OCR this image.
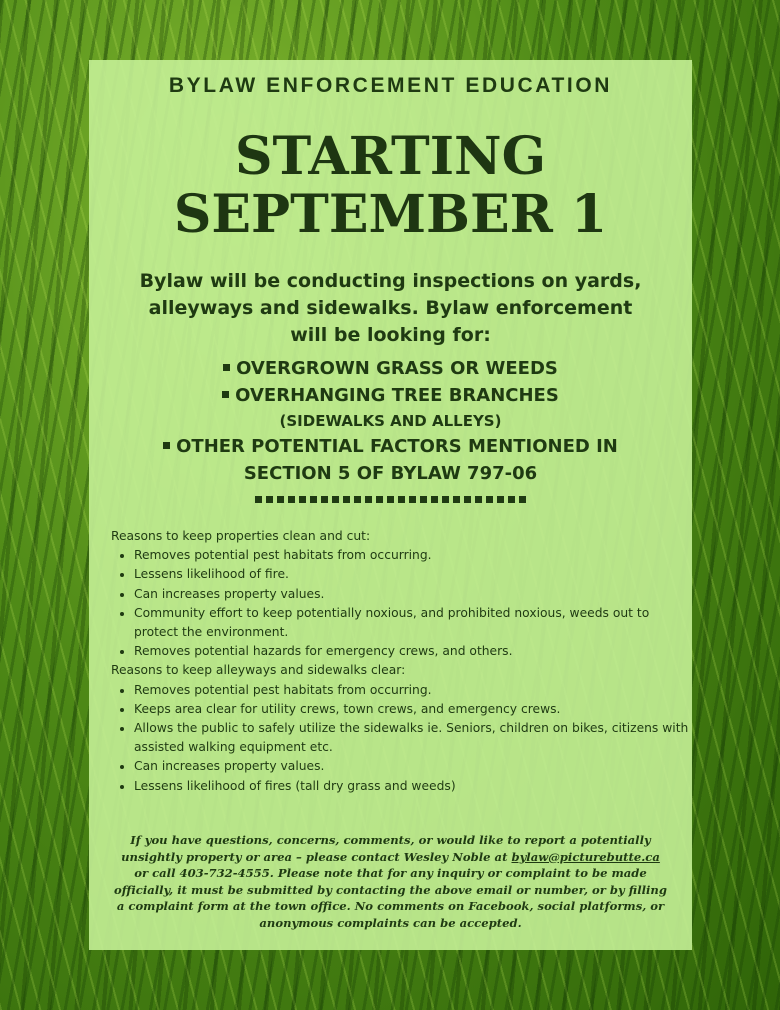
BYLAW ENFORCEMENT EDUCATION
STARTING
SEPTEMBER 1
Bylaw will be conducting inspections on yards, alleyways and sidewalks. Bylaw enforcement will be looking for:
OVERGROWN GRASS OR WEEDS
OVERHANGING TREE BRANCHES
(SIDEWALKS AND ALLEYS)
OTHER POTENTIAL FACTORS MENTIONED IN
SECTION 5 OF BYLAW 797-06
Reasons to keep properties clean and cut:
• Removes potential pest habitats from occurring.
• Lessens likelihood of fire.
• Can increases property values.
• Community effort to keep potentially noxious, and prohibited noxious, weeds out to protect the environment.
• Removes potential hazards for emergency crews, and others.
Reasons to keep alleyways and sidewalks clear:
• Removes potential pest habitats from occurring.
• Keeps area clear for utility crews, town crews, and emergency crews.
• Allows the public to safely utilize the sidewalks ie. Seniors, children on bikes, citizens with assisted walking equipment etc.
• Can increases property values.
• Lessens likelihood of fires (tall dry grass and weeds)
If you have questions, concerns, comments, or would like to report a potentially unsightly property or area – please contact Wesley Noble at bylaw@picturebutte.ca or call 403-732-4555. Please note that for any inquiry or complaint to be made officially, it must be submitted by contacting the above email or number, or by filling a complaint form at the town office. No comments on Facebook, social platforms, or anonymous complaints can be accepted.
